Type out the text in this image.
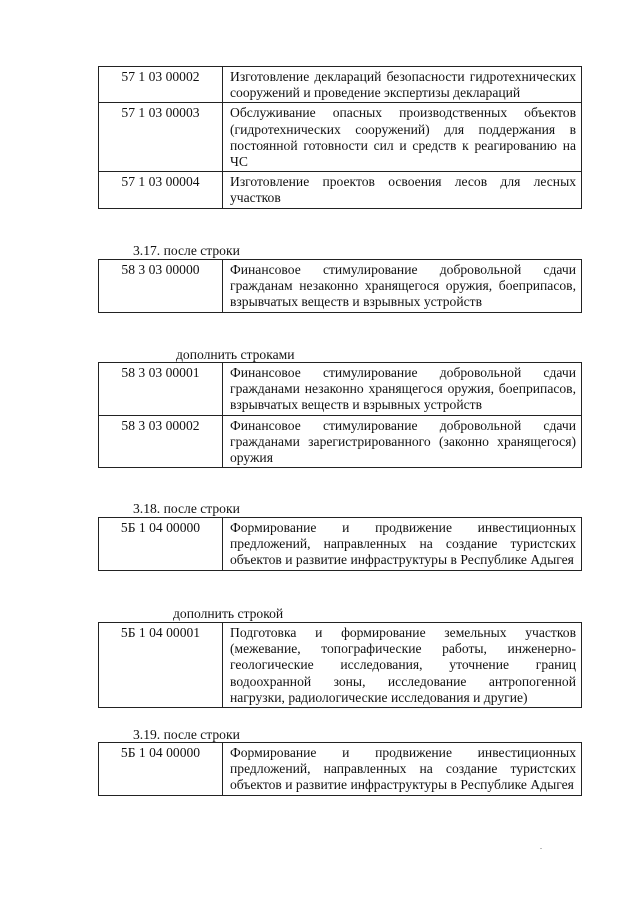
57 1 03 00002	Изготовление деклараций безопасности гидротехнических сооружений и проведение экспертизы деклараций
57 1 03 00003	Обслуживание опасных производственных объектов (гидротехнических сооружений) для поддержания в постоянной готовности сил и средств к реагированию на ЧС
57 1 03 00004	Изготовление проектов освоения лесов для лесных участков
3.17. после строки
58 3 03 00000	Финансовое стимулирование добровольной сдачи гражданам незаконно хранящегося оружия, боеприпасов, взрывчатых веществ и взрывных устройств
дополнить строками
58 3 03 00001	Финансовое стимулирование добровольной сдачи гражданами незаконно хранящегося оружия, боеприпасов, взрывчатых веществ и взрывных устройств
58 3 03 00002	Финансовое стимулирование добровольной сдачи гражданами зарегистрированного (законно хранящегося) оружия
3.18. после строки
5Б 1 04 00000	Формирование и продвижение инвестиционных предложений, направленных на создание туристских объектов и развитие инфраструктуры в Республике Адыгея
дополнить строкой
5Б 1 04 00001	Подготовка и формирование земельных участков (межевание, топографические работы, инженерно-геологические исследования, уточнение границ водоохранной зоны, исследование антропогенной нагрузки, радиологические исследования и другие)
3.19. после строки
5Б 1 04 00000	Формирование и продвижение инвестиционных предложений, направленных на создание туристских объектов и развитие инфраструктуры в Республике Адыгея
